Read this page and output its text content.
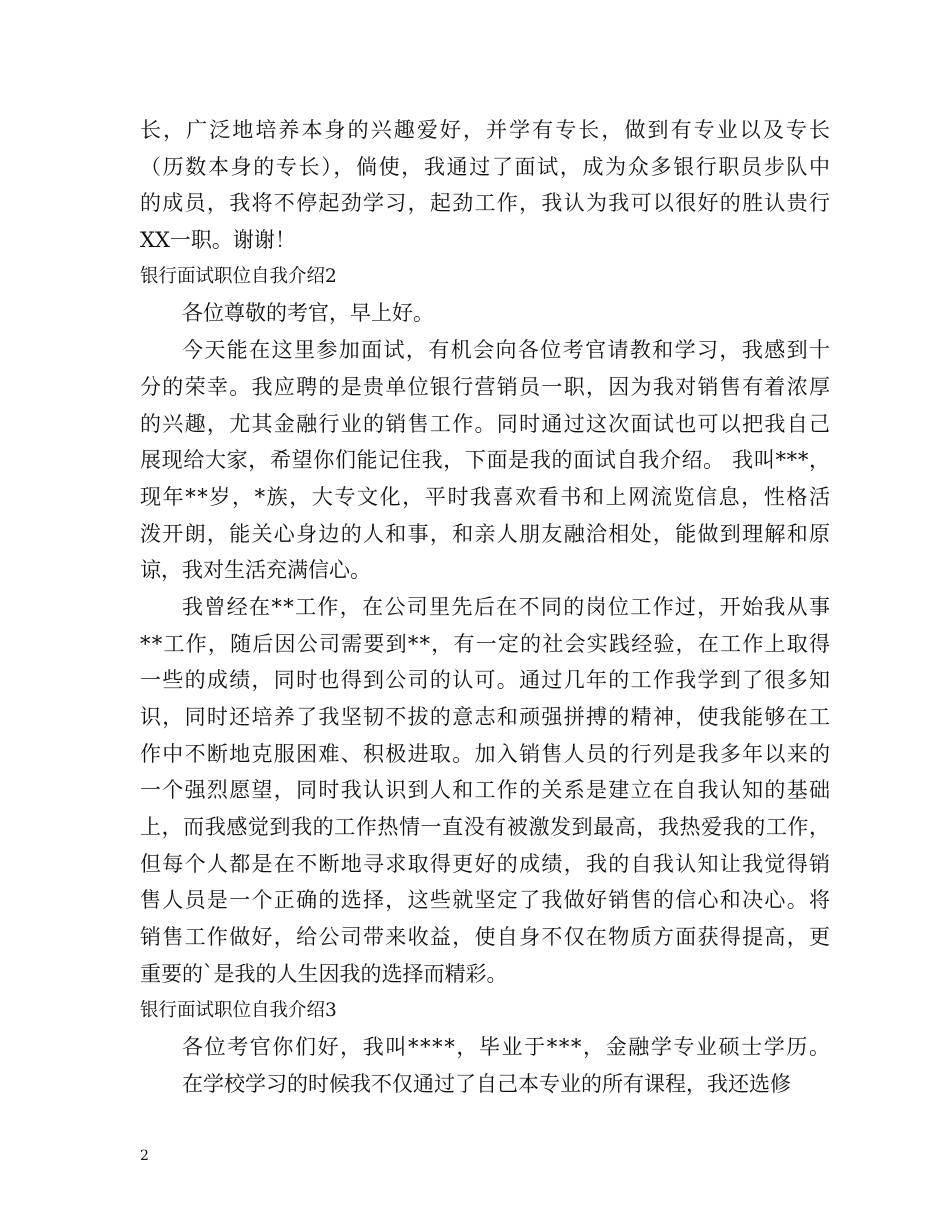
长，广泛地培养本身的兴趣爱好，并学有专长，做到有专业以及专长
（历数本身的专长），倘使，我通过了面试，成为众多银行职员步队中
的成员，我将不停起劲学习，起劲工作，我认为我可以很好的胜认贵行
XX一职。谢谢！
银行面试职位自我介绍2
各位尊敬的考官，早上好。
今天能在这里参加面试，有机会向各位考官请教和学习，我感到十
分的荣幸。我应聘的是贵单位银行营销员一职，因为我对销售有着浓厚
的兴趣，尤其金融行业的销售工作。同时通过这次面试也可以把我自己
展现给大家，希望你们能记住我，下面是我的面试自我介绍。 我叫***，
现年**岁，*族，大专文化，平时我喜欢看书和上网流览信息，性格活
泼开朗，能关心身边的人和事，和亲人朋友融洽相处，能做到理解和原
谅，我对生活充满信心。
我曾经在**工作，在公司里先后在不同的岗位工作过，开始我从事
**工作，随后因公司需要到**，有一定的社会实践经验，在工作上取得
一些的成绩，同时也得到公司的认可。通过几年的工作我学到了很多知
识，同时还培养了我坚韧不拔的意志和顽强拼搏的精神，使我能够在工
作中不断地克服困难、积极进取。加入销售人员的行列是我多年以来的
一个强烈愿望，同时我认识到人和工作的关系是建立在自我认知的基础
上，而我感觉到我的工作热情一直没有被激发到最高，我热爱我的工作，
但每个人都是在不断地寻求取得更好的成绩，我的自我认知让我觉得销
售人员是一个正确的选择，这些就坚定了我做好销售的信心和决心。将
销售工作做好，给公司带来收益，使自身不仅在物质方面获得提高，更
重要的`是我的人生因我的选择而精彩。
银行面试职位自我介绍3
各位考官你们好，我叫****，毕业于***，金融学专业硕士学历。
在学校学习的时候我不仅通过了自己本专业的所有课程，我还选修
2
